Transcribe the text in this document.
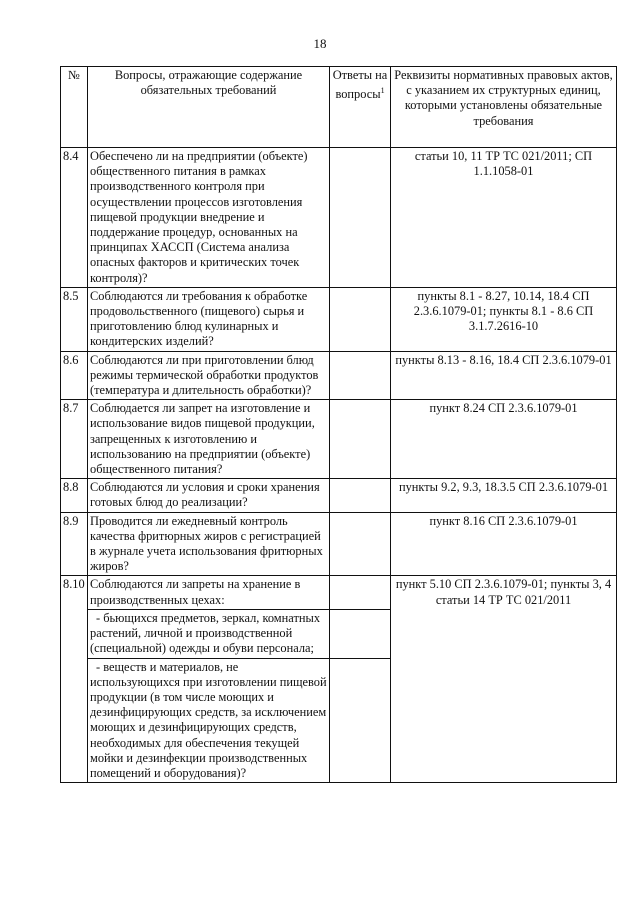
18
№	Вопросы, отражающие содержание обязательных требований	Ответы на вопросы$^1$	Реквизиты нормативных правовых актов, с указанием их структурных единиц, которыми установлены обязательные требования
8.4	Обеспечено ли на предприятии (объекте) общественного питания в рамках производственного контроля при осуществлении процессов изготовления пищевой продукции внедрение и поддержание процедур, основанных на принципах ХАССП (Система анализа опасных факторов и критических точек контроля)?		статьи 10, 11 ТР ТС 021/2011; СП 1.1.1058-01
8.5	Соблюдаются ли требования к обработке продовольственного (пищевого) сырья и приготовлению блюд кулинарных и кондитерских изделий?		пункты 8.1 - 8.27, 10.14, 18.4 СП 2.3.6.1079-01; пункты 8.1 - 8.6 СП 3.1.7.2616-10
8.6	Соблюдаются ли при приготовлении блюд режимы термической обработки продуктов (температура и длительность обработки)?		пункты 8.13 - 8.16, 18.4 СП 2.3.6.1079-01
8.7	Соблюдается ли запрет на изготовление и использование видов пищевой продукции, запрещенных к изготовлению и использованию на предприятии (объекте) общественного питания?		пункт 8.24 СП 2.3.6.1079-01
8.8	Соблюдаются ли условия и сроки хранения готовых блюд до реализации?		пункты 9.2, 9.3, 18.3.5 СП 2.3.6.1079-01
8.9	Проводится ли ежедневный контроль качества фритюрных жиров с регистрацией в журнале учета использования фритюрных жиров?		пункт 8.16 СП 2.3.6.1079-01
8.10	Соблюдаются ли запреты на хранение в производственных цехах:		пункт 5.10 СП 2.3.6.1079-01; пункты 3, 4 статьи 14 ТР ТС 021/2011
	- бьющихся предметов, зеркал, комнатных растений, личной и производственной (специальной) одежды и обуви персонала;		
	- веществ и материалов, не использующихся при изготовлении пищевой продукции (в том числе моющих и дезинфицирующих средств, за исключением моющих и дезинфицирующих средств, необходимых для обеспечения текущей мойки и дезинфекции производственных помещений и оборудования)?		
